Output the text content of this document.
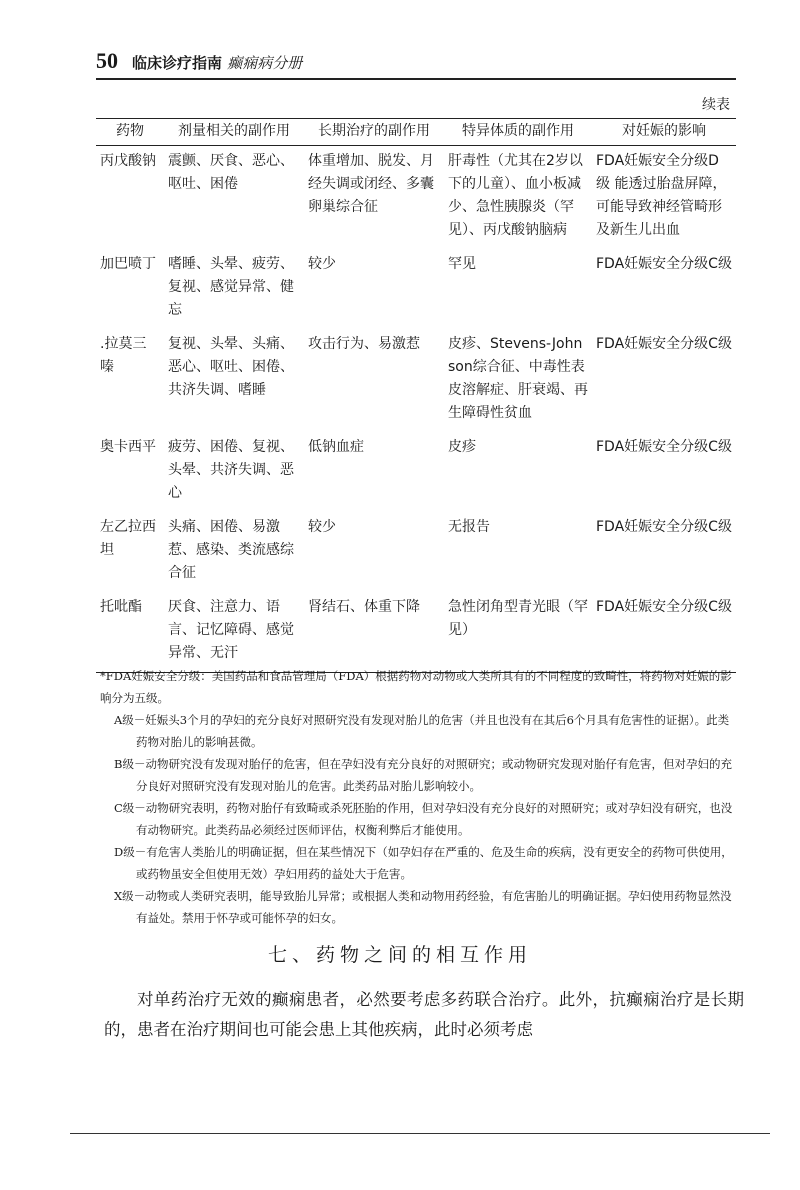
50 临床诊疗指南 癫痫病分册
续表
药物	剂量相关的副作用	长期治疗的副作用	特异体质的副作用	对妊娠的影响
丙戊酸钠	震颤、厌食、恶心、呕吐、困倦	体重增加、脱发、月经失调或闭经、多囊卵巢综合征	肝毒性（尤其在2岁以下的儿童）、血小板减少、急性胰腺炎（罕见）、丙戊酸钠脑病	FDA妊娠安全分级D级 能透过胎盘屏障，可能导致神经管畸形及新生儿出血
加巴喷丁	嗜睡、头晕、疲劳、复视、感觉异常、健忘	较少	罕见	FDA妊娠安全分级C级
.拉莫三嗪	复视、头晕、头痛、恶心、呕吐、困倦、共济失调、嗜睡	攻击行为、易激惹	皮疹、Stevens-Johnson综合征、中毒性表皮溶解症、肝衰竭、再生障碍性贫血	FDA妊娠安全分级C级
奥卡西平	疲劳、困倦、复视、头晕、共济失调、恶心	低钠血症	皮疹	FDA妊娠安全分级C级
左乙拉西坦	头痛、困倦、易激惹、感染、类流感综合征	较少	无报告	FDA妊娠安全分级C级
托吡酯	厌食、注意力、语言、记忆障碍、感觉异常、无汗	肾结石、体重下降	急性闭角型青光眼（罕见）	FDA妊娠安全分级C级

*FDA妊娠安全分级：美国药品和食品管理局（FDA）根据药物对动物或人类所具有的不同程度的致畸性，将药物对妊娠的影响分为五级。

A级－妊娠头3个月的孕妇的充分良好对照研究没有发现对胎儿的危害（并且也没有在其后6个月具有危害性的证据）。此类药物对胎儿的影响甚微。

B级－动物研究没有发现对胎仔的危害，但在孕妇没有充分良好的对照研究；或动物研究发现对胎仔有危害，但对孕妇的充分良好对照研究没有发现对胎儿的危害。此类药品对胎儿影响较小。

C级－动物研究表明，药物对胎仔有致畸或杀死胚胎的作用，但对孕妇没有充分良好的对照研究；或对孕妇没有研究，也没有动物研究。此类药品必须经过医师评估，权衡利弊后才能使用。

D级－有危害人类胎儿的明确证据，但在某些情况下（如孕妇存在严重的、危及生命的疾病，没有更安全的药物可供使用，或药物虽安全但使用无效）孕妇用药的益处大于危害。

X级－动物或人类研究表明，能导致胎儿异常；或根据人类和动物用药经验，有危害胎儿的明确证据。孕妇使用药物显然没有益处。禁用于怀孕或可能怀孕的妇女。

七、药物之间的相互作用

对单药治疗无效的癫痫患者，必然要考虑多药联合治疗。此外，抗癫痫治疗是长期的，患者在治疗期间也可能会患上其他疾病，此时必须考虑
